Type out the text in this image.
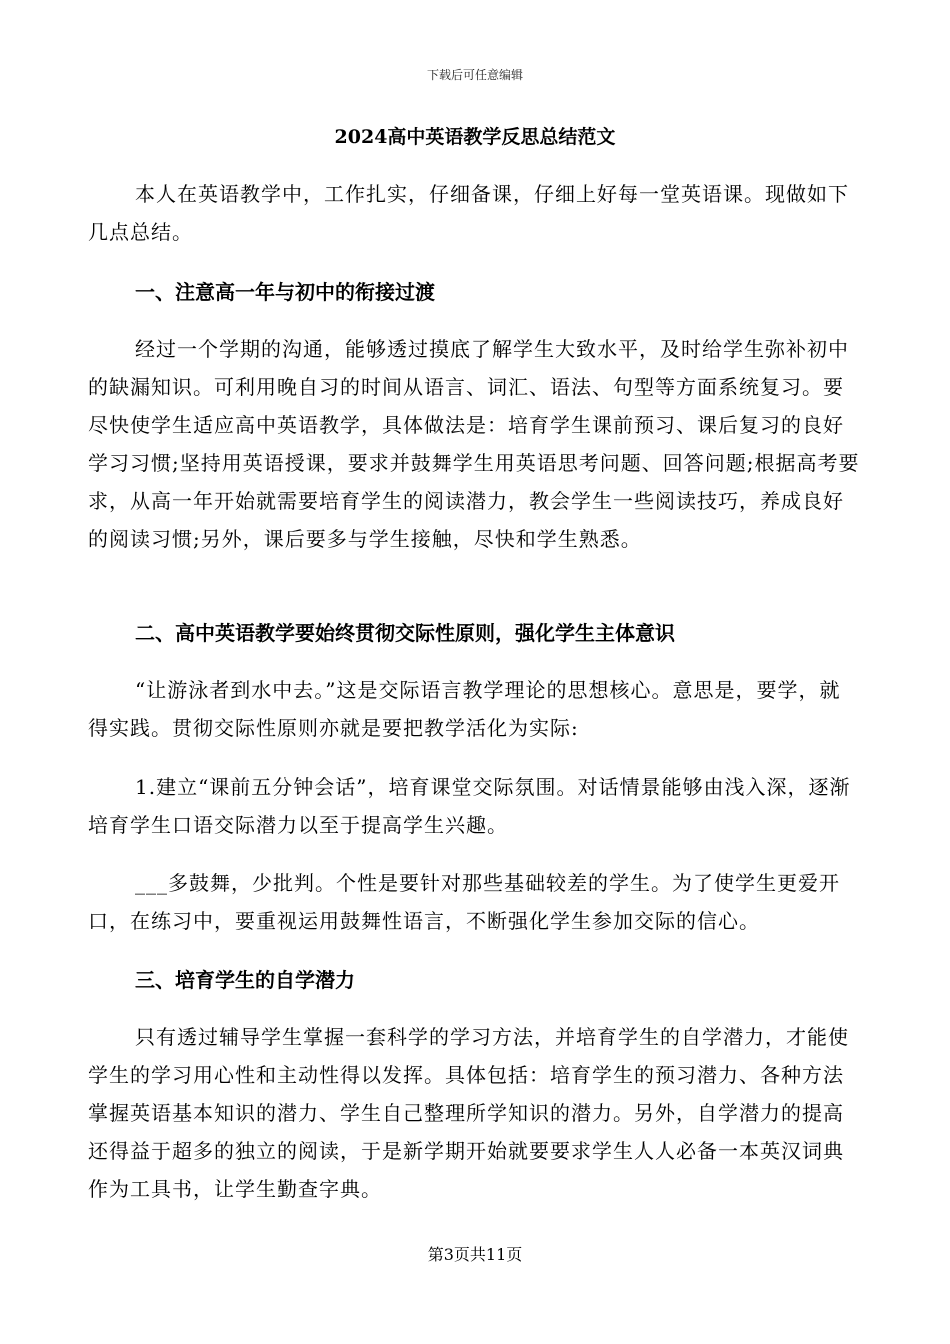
下载后可任意编辑
2024高中英语教学反思总结范文

本人在英语教学中，工作扎实，仔细备课，仔细上好每一堂英语课。现做如下几点总结。

一、注意高一年与初中的衔接过渡

经过一个学期的沟通，能够透过摸底了解学生大致水平，及时给学生弥补初中的缺漏知识。可利用晚自习的时间从语言、词汇、语法、句型等方面系统复习。要尽快使学生适应高中英语教学，具体做法是：培育学生课前预习、课后复习的良好学习习惯;坚持用英语授课，要求并鼓舞学生用英语思考问题、回答问题;根据高考要求，从高一年开始就需要培育学生的阅读潜力，教会学生一些阅读技巧，养成良好的阅读习惯;另外，课后要多与学生接触，尽快和学生熟悉。

二、高中英语教学要始终贯彻交际性原则，强化学生主体意识

“让游泳者到水中去。”这是交际语言教学理论的思想核心。意思是，要学，就得实践。贯彻交际性原则亦就是要把教学活化为实际:

1.建立“课前五分钟会话”，培育课堂交际氛围。对话情景能够由浅入深，逐渐培育学生口语交际潜力以至于提高学生兴趣。

___多鼓舞，少批判。个性是要针对那些基础较差的学生。为了使学生更爱开口，在练习中，要重视运用鼓舞性语言，不断强化学生参加交际的信心。

三、培育学生的自学潜力

只有透过辅导学生掌握一套科学的学习方法，并培育学生的自学潜力，才能使学生的学习用心性和主动性得以发挥。具体包括：培育学生的预习潜力、各种方法掌握英语基本知识的潜力、学生自己整理所学知识的潜力。另外，自学潜力的提高还得益于超多的独立的阅读，于是新学期开始就要要求学生人人必备一本英汉词典作为工具书，让学生勤查字典。

第3页共11页
